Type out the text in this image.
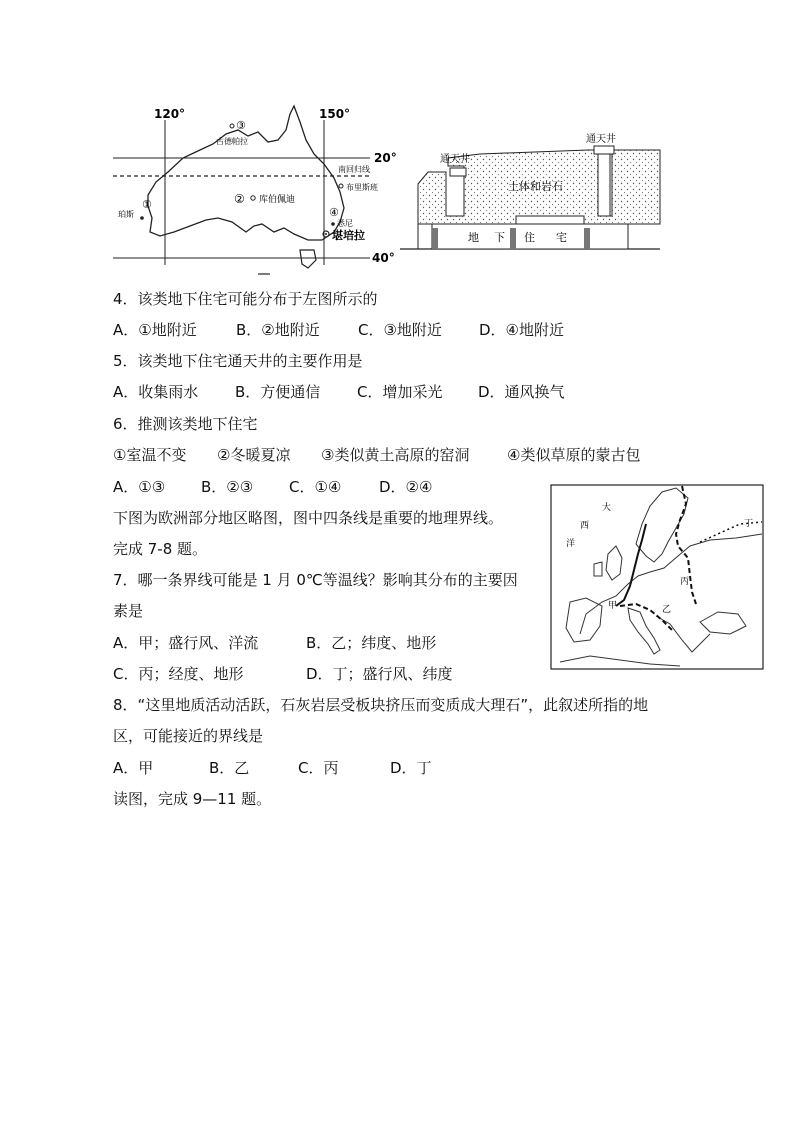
120°	150°
20°
40°
③
古德帕拉
南回归线
布里斯班
② 库伯佩迪
①
珀斯	④
悉尼
堪培拉
通天井
通天井
土体和岩石
地 下 住 宅
大
西
洋
丁
丙
甲	乙
4．该类地下住宅可能分布于左图所示的
A．①地附近	B．②地附近	C．③地附近 D．④地附近
5．该类地下住宅通天井的主要作用是
A．收集雨水 B．方便通信 C．增加采光 D．通风换气
6．推测该类地下住宅
①室温不变 ②冬暖夏凉 ③类似黄土高原的窑洞	④类似草原的蒙古包
A．①③ B．②③ C．①④	D．②④
下图为欧洲部分地区略图，图中四条线是重要的地理界线。
完成 7-8 题。
7．哪一条界线可能是 1 月 0℃等温线？影响其分布的主要因
素是
A．甲；盛行风、洋流	B．乙；纬度、地形
C．丙；经度、地形	D．丁；盛行风、纬度
8．“这里地质活动活跃，石灰岩层受板块挤压而变质成大理石”，此叙述所指的地
区，可能接近的界线是
A．甲	B．乙	C．丙	D．丁
读图，完成 9—11 题。
